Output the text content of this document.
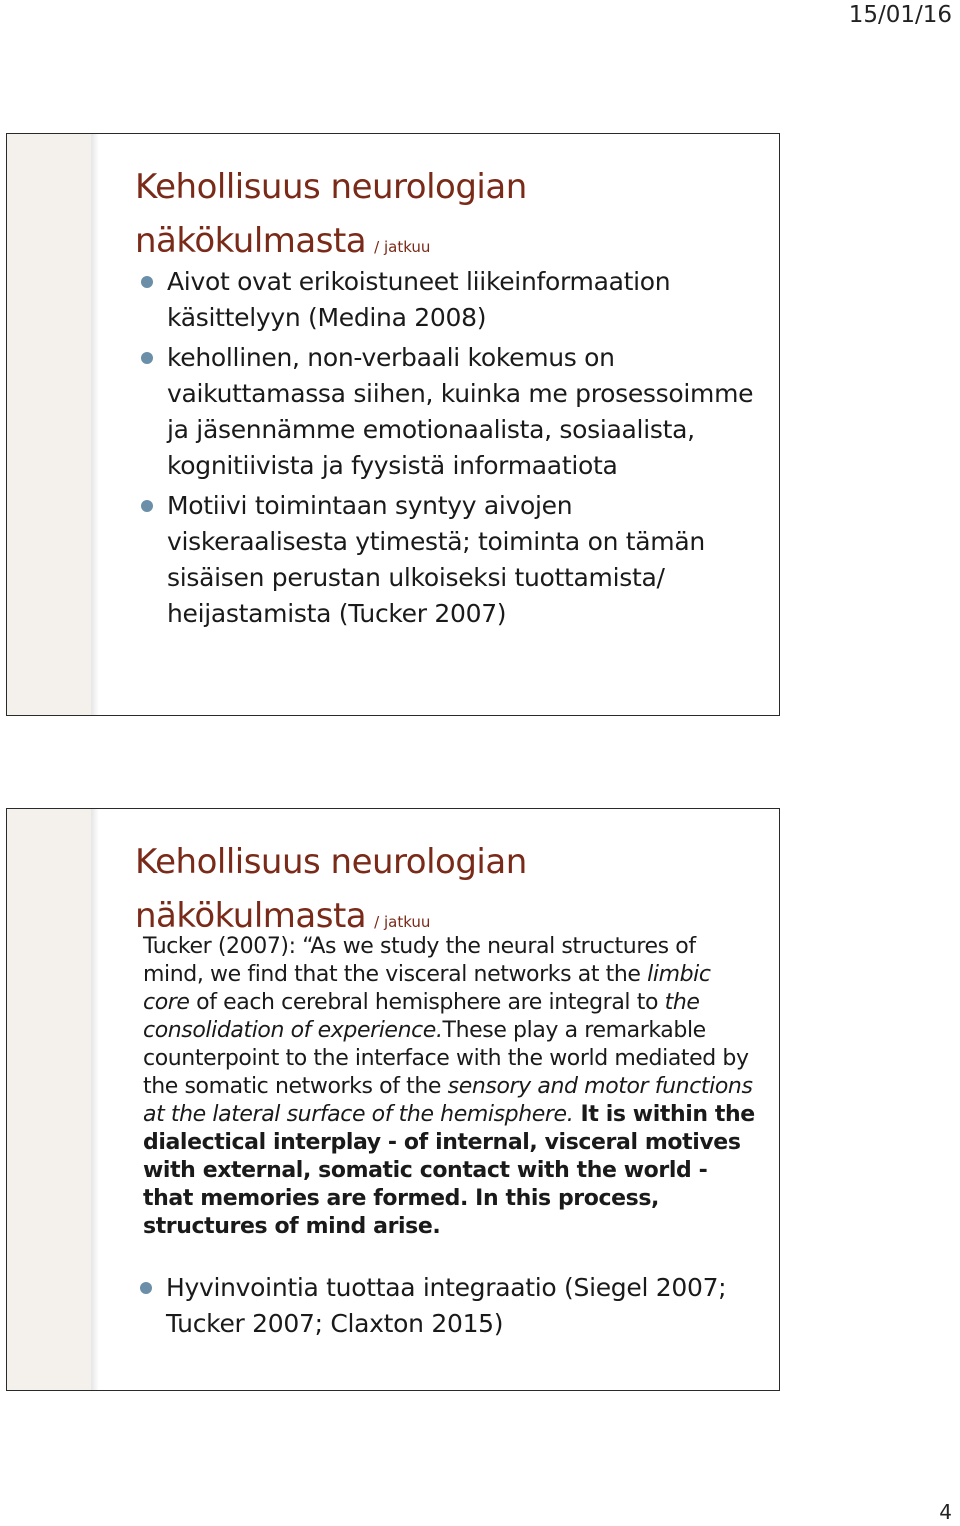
15/01/16
Kehollisuus neurologian
näkökulmasta / jatkuu
Aivot ovat erikoistuneet liikeinformaation käsittelyyn (Medina 2008)
kehollinen, non-verbaali kokemus on vaikuttamassa siihen, kuinka me prosessoimme ja jäsennämme emotionaalista, sosiaalista, kognitiivista ja fyysistä informaatiota
Motiivi toimintaan syntyy aivojen viskeraalisesta ytimestä; toiminta on tämän sisäisen perustan ulkoiseksi tuottamista/ heijastamista (Tucker 2007)
Kehollisuus neurologian
näkökulmasta / jatkuu

Tucker (2007): “As we study the neural structures of mind, we find that the visceral networks at the limbic core of each cerebral hemisphere are integral to the consolidation of experience.These play a remarkable counterpoint to the interface with the world mediated by the somatic networks of the sensory and motor functions at the lateral surface of the hemisphere. It is within the dialectical interplay - of internal, visceral motives with external, somatic contact with the world - that memories are formed. In this process, structures of mind arise.

Hyvinvointia tuottaa integraatio (Siegel 2007; Tucker 2007; Claxton 2015)
4
